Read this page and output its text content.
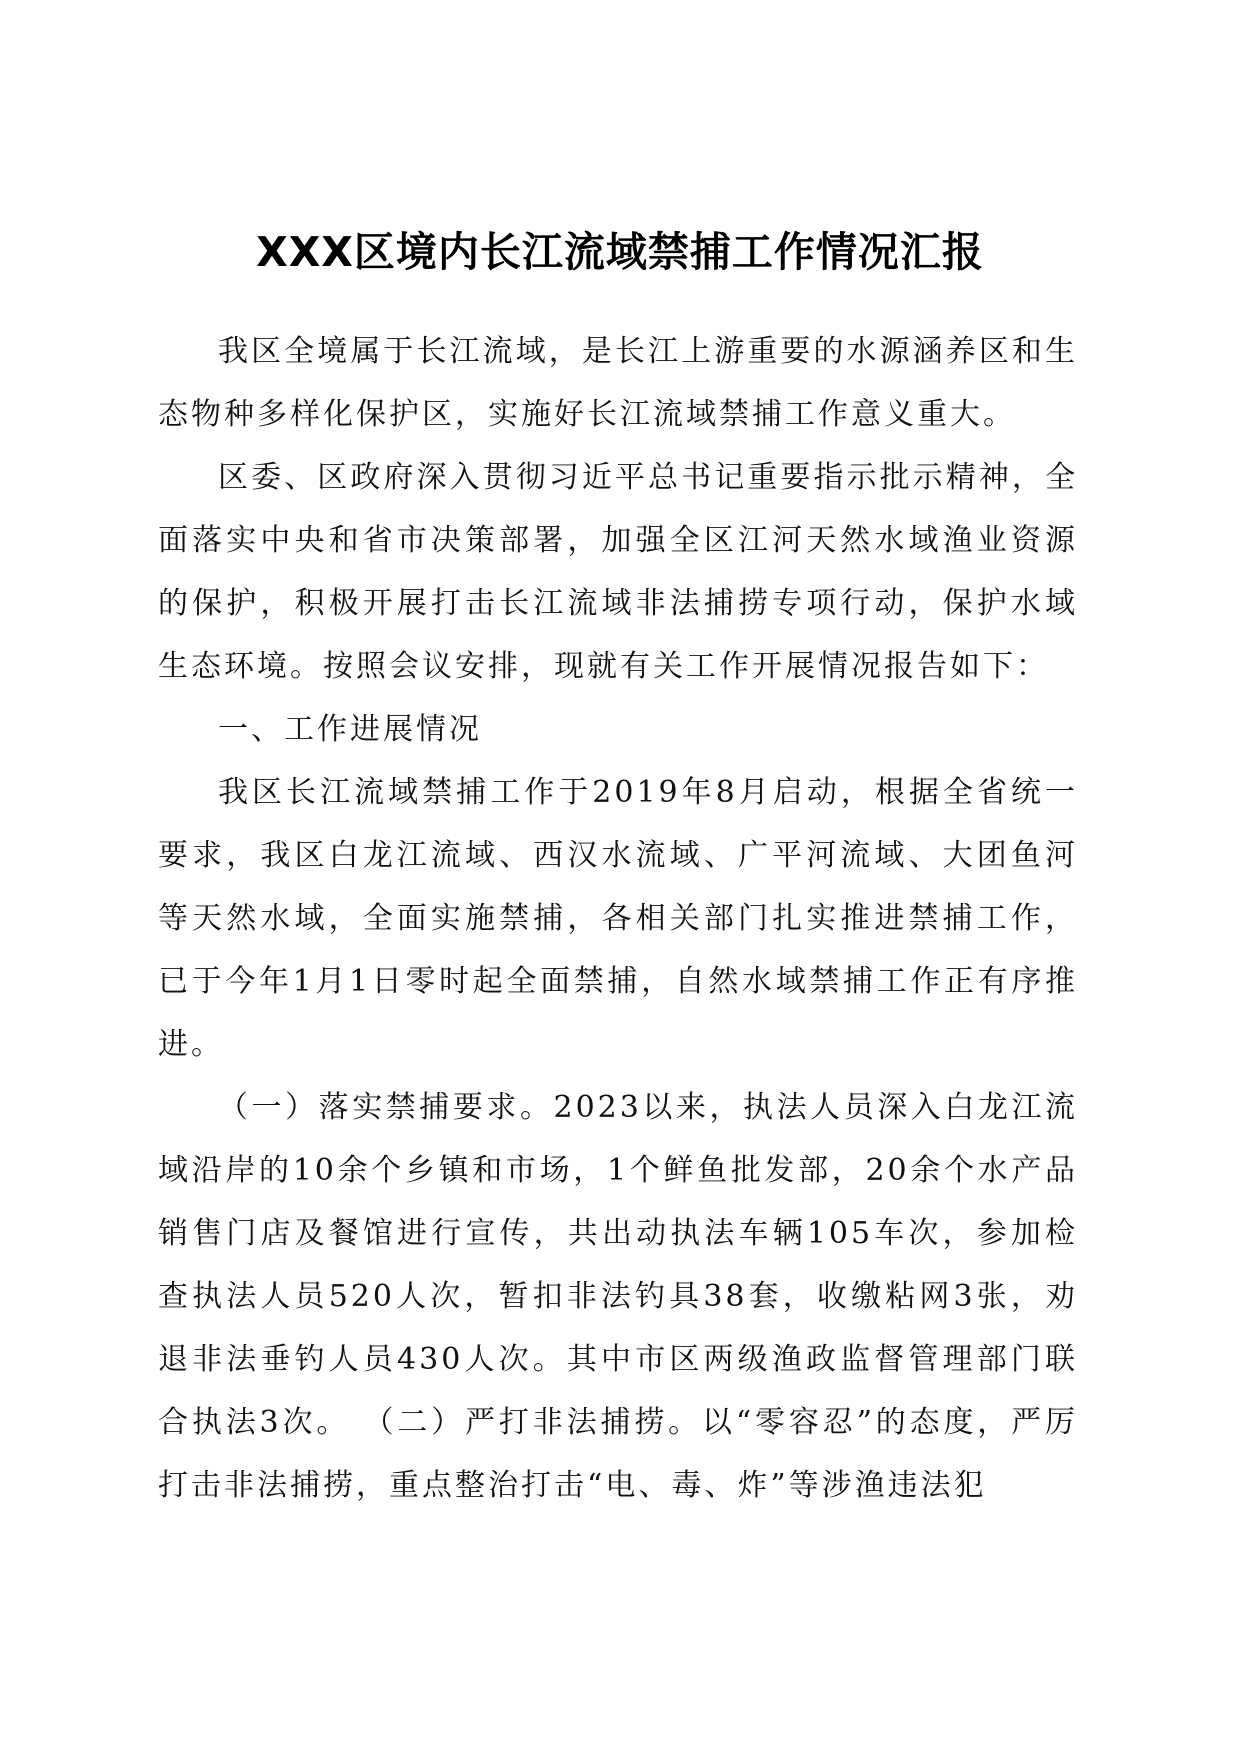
XXX区境内长江流域禁捕工作情况汇报

我区全境属于长江流域，是长江上游重要的水源涵养区和生态物种多样化保护区，实施好长江流域禁捕工作意义重大。

区委、区政府深入贯彻习近平总书记重要指示批示精神，全面落实中央和省市决策部署，加强全区江河天然水域渔业资源的保护，积极开展打击长江流域非法捕捞专项行动，保护水域生态环境。按照会议安排，现就有关工作开展情况报告如下：

一、工作进展情况

我区长江流域禁捕工作于2019年8月启动，根据全省统一要求，我区白龙江流域、西汉水流域、广平河流域、大团鱼河等天然水域，全面实施禁捕，各相关部门扎实推进禁捕工作，已于今年1月1日零时起全面禁捕，自然水域禁捕工作正有序推进。

（一）落实禁捕要求。2023以来，执法人员深入白龙江流域沿岸的10余个乡镇和市场，1个鲜鱼批发部，20余个水产品销售门店及餐馆进行宣传，共出动执法车辆105车次，参加检查执法人员520人次，暂扣非法钓具38套，收缴粘网3张，劝退非法垂钓人员430人次。其中市区两级渔政监督管理部门联合执法3次。 （二）严打非法捕捞。以“零容忍”的态度，严厉打击非法捕捞，重点整治打击“电、毒、炸”等涉渔违法犯
